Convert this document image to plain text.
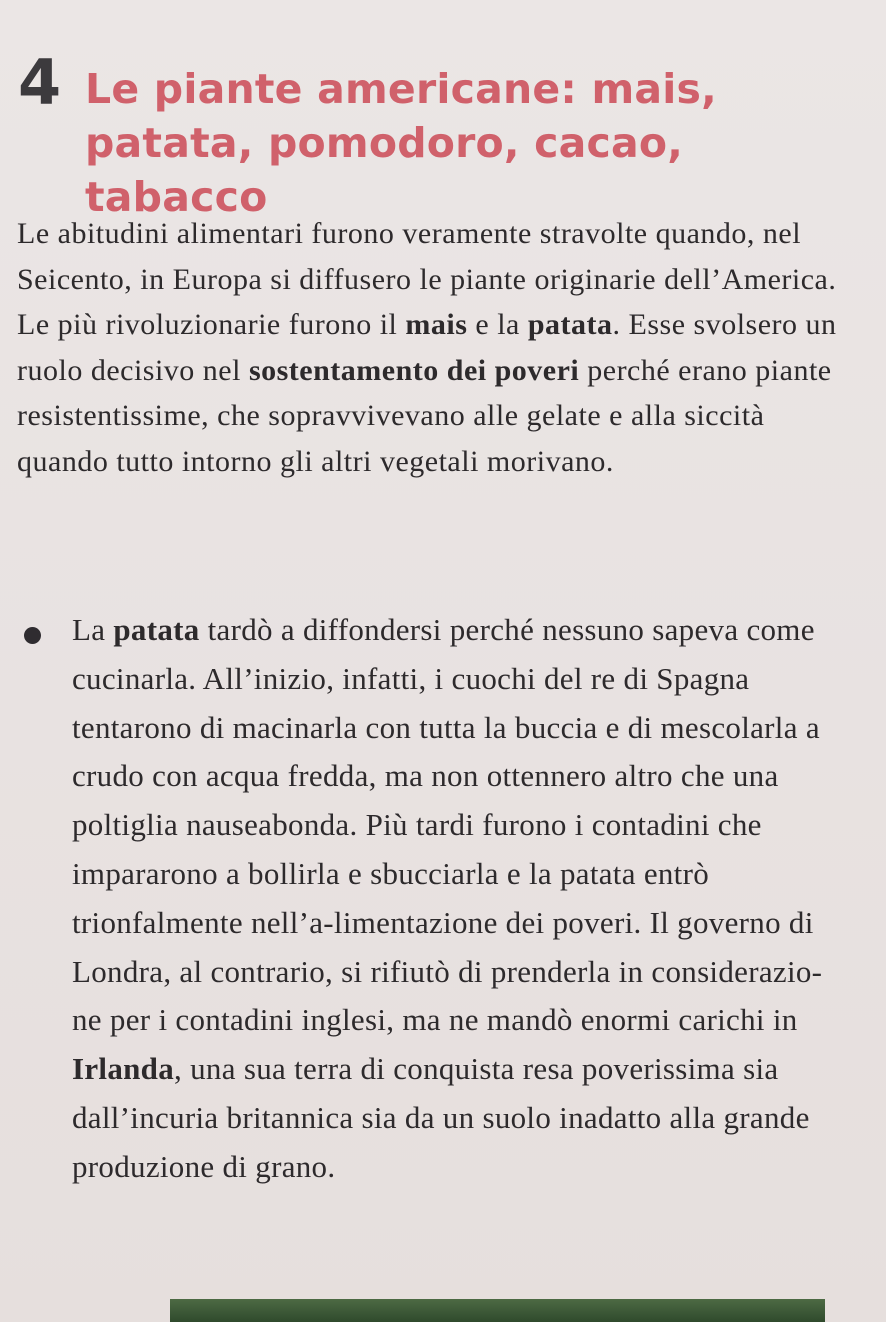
4 Le piante americane: mais, patata, pomodoro, cacao, tabacco

Le abitudini alimentari furono veramente stravolte quando, nel Seicento, in Europa si diffusero le piante originarie dell’America.

Le più rivoluzionarie furono il mais e la patata. Esse svolsero un ruolo decisivo nel sostentamento dei poveri perché erano piante resistentissime, che sopravvivevano alle gelate e alla siccità quando tutto intorno gli altri vegetali morivano.

La patata tardò a diffondersi perché nessuno sapeva come cucinarla. All’inizio, infatti, i cuochi del re di Spagna tentarono di macinarla con tutta la buccia e di mescolarla a crudo con acqua fredda, ma non ottennero altro che una poltiglia nauseabonda. Più tardi furono i contadini che impararono a bollirla e sbucciarla e la patata entrò trionfalmente nell’a-limentazione dei poveri. Il governo di Londra, al contrario, si rifiutò di prenderla in considerazio-ne per i contadini inglesi, ma ne mandò enormi carichi in Irlanda, una sua terra di conquista resa poverissima sia dall’incuria britannica sia da un suolo inadatto alla grande produzione di grano.
